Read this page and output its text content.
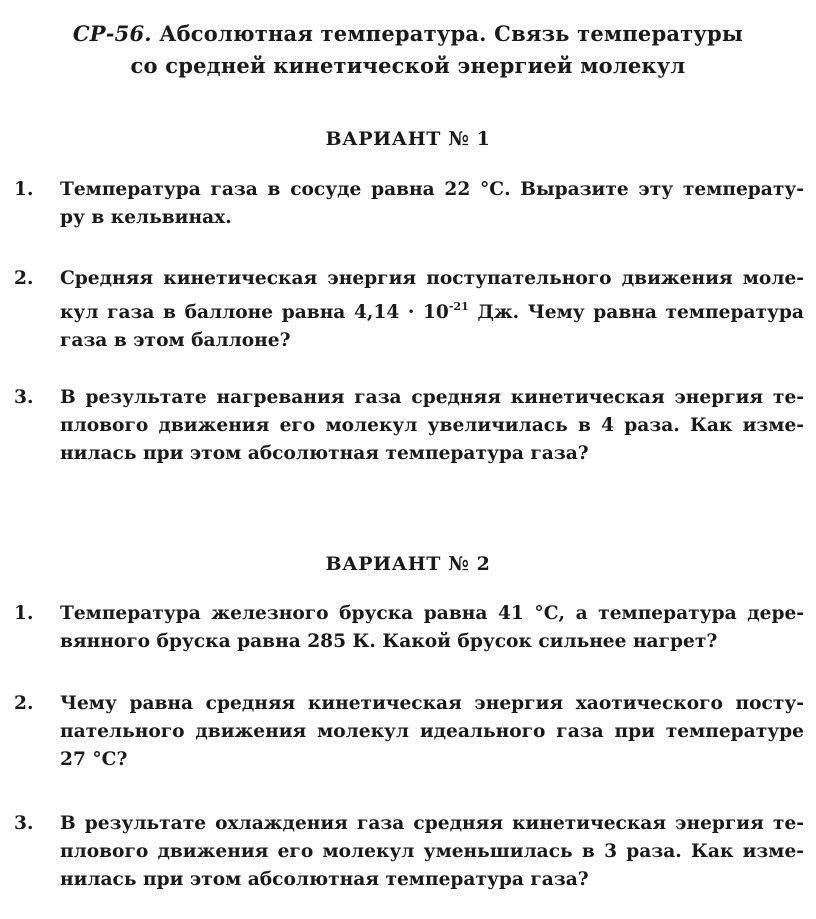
СР-56. Абсолютная температура. Связь температуры
со средней кинетической энергией молекул
ВАРИАНТ № 1
1. Температура газа в сосуде равна 22 °С. Выразите эту температу-
ру в кельвинах.
2. Средняя кинетическая энергия поступательного движения моле-
кул газа в баллоне равна $4,14 \cdot 10^{-21}$ Дж. Чему равна температура
газа в этом баллоне?
3. В результате нагревания газа средняя кинетическая энергия те-
плового движения его молекул увеличилась в 4 раза. Как изме-
нилась при этом абсолютная температура газа?
ВАРИАНТ № 2
1. Температура железного бруска равна 41 °С, а температура дере-
вянного бруска равна 285 К. Какой брусок сильнее нагрет?
2. Чему равна средняя кинетическая энергия хаотического посту-
пательного движения молекул идеального газа при температуре
27 °С?
3. В результате охлаждения газа средняя кинетическая энергия те-
плового движения его молекул уменьшилась в 3 раза. Как изме-
нилась при этом абсолютная температура газа?
